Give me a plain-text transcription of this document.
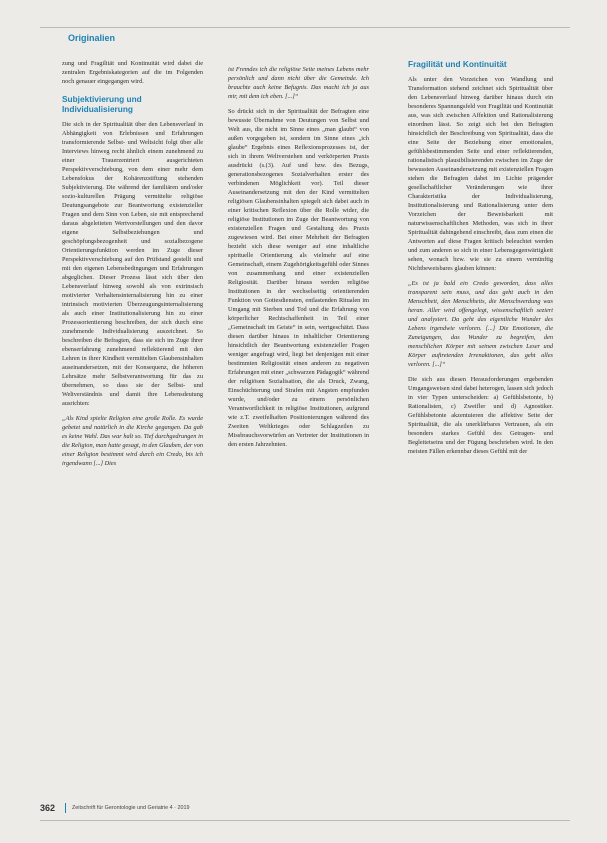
Originalien

zung und Fragilität und Kontinuität wird dabei die zentralen Ergebniskategorien auf die im Folgenden noch genauer eingegangen wird.

Subjektivierung und Individualisierung

Die sich in der Spiritualität über den Lebensverlauf in Abhängigkeit von Erlebnissen und Erfahrungen transformierende Selbst- und Weltsicht folgt über alle Interviews hinweg recht ähnlich einem zunehmend zu einer Trauerzentriert ausgerichteten Perspektivverschiebung, von dem einer mehr dem Lebensfokus der Kohärenzstiftung stehenden Subjektivierung. Die während der familiären und/oder sozio-kulturellen Prägung vermittelte religiöse Deutungsangebote zur Beantwortung existenzieller Fragen und dem Sinn von Leben, sie mit entsprechend daraus abgeleiteten Wertvorstellungen und den davor eigene Selbstbeziehungen und geschöpfungsbezogenheit und sozialbezogene Orientierungsfunktion werden im Zuge dieser Perspektivverschiebung auf den Prüfstand gestellt und mit den eigenen Lebensbedingungen und Erfahrungen abgeglichen. Dieser Prozess lässt sich über den Lebensverlauf hinweg sowohl als von extrinsisch motivierter Verhaltensinternalisierung hin zu einer intrinsisch motivierten Überzeugungsinternalisierung als auch einer Institutionalisierung hin zu einer Prozessorientierung beschreiben, der sich durch eine zunehmende Individualisierung auszeichnet. So beschreiben die Befragten, dass sie sich im Zuge ihrer ebenserfahrung zunehmend reflektierend mit den Lehren in ihrer Kindheit vermittelten Glaubensinhalten auseinandersetzen, mit der Konsequenz, die höheren Lehrsätze mehr Selbstverantwortung für das zu übernehmen, so dass sie der Selbst- und Weltverständnis und damit ihre Lebensdeutung ausrichten:

„Als Kind spielte Religion eine große Rolle. Es wurde gebetet und natürlich in die Kirche gegangen. Da gab es keine Wahl. Das war halt so. Tief durchgedrungen in die Religion, man hatte gesagt, in den Glauben, der von einer Religion bestimmt wird durch ein Credo, bis ich irgendwann [...] Dies

ist Fremdes ich die religiöse Seite meines Lebens mehr persönlich und dann nicht über die Gemeinde. Ich brauchte auch keine Befugnis. Das macht ich ja aus mir, mit dem ich eben. [...]“

So drückt sich in der Spiritualität der Befragten eine bewusste Übernahme von Deutungen von Selbst und Welt aus, die nicht im Sinne eines „man glaubt“ von außen vorgegeben ist, sondern im Sinne eines „ich glaube“ Ergebnis eines Reflexionsprozesses ist, der sich in ihrem Weltverstehen und verkörperten Praxis ausdrückt (s.(3). Auf und bzw. des Bezugs, generationsbezogenes Sozialverhalten erster des verbindenen Möglichkeit vor). Teil dieser Auseinandersetzung mit den der Kind vermittelten religiösen Glaubensinhalten spiegelt sich dabei auch in einer kritischen Reflexion über die Rolle wider, die religiöse Institutionen im Zuge der Beantwortung von existenziellen Fragen und Gestaltung des Praxis zugewiesen wird. Bei einer Mehrheit der Befragten bezieht sich diese weniger auf eine inhaltliche spirituelle Orientierung als vielmehr auf eine Gemeinschaft, einem Zugehörigkeitsgefühl oder Sinnes von zusammenhang und einer existenziellen Religiosität. Darüber hinaus werden religiöse Institutionen in der wechselseitig orientierenden Funktion von Gottesdiensten, entlastenden Ritualen im Umgang mit Sterben und Tod und die Erfahrung von körperlicher Rechtschaffenheit in Teil einer „Gemeinschaft im Geiste“ in sein, wertgeschätzt. Dass diesen darüber hinaus in inhaltlicher Orientierung hinsichtlich der Beantwortung existenzieller Fragen weniger angefragt wird, liegt bei denjenigen mit einer bestimmten Religiosität einen anderen zu negativen Erfahrungen mit einer „schwarzen Pädagogik“ während der religiösen Sozialisation, die als Druck, Zwang, Einschüchterung und Strafen mit Angsten empfunden wurde, und/oder zu einem persönlichen Verantwortlichkeit in religiöse Institutionen, aufgrund wie z.T. zweifelhaften Positionierungen während des Zweiten Weltkrieges oder Schlagzeilen zu Missbrauchsvorwürfen an Vertreter der Institutionen in den ersten Jahrzehnten.

Fragilität und Kontinuität

Als unter den Vorzeichen von Wandlung und Transformation stehend zeichnet sich Spiritualität über den Lebensverlauf hinweg darüber hinaus durch ein besonderes Spannungsfeld von Fragilität und Kontinuität aus, was sich zwischen Affektion und Rationalisierung einordnen lässt. So zeigt sich bei den Befragten hinsichtlich der Beschreibung von Spiritualität, dass die eine Seite der Beziehung einer emotionalen, gefühlsbestimmenden Seite und einer reflektierenden, rationalistisch plausibilisierenden zwischen im Zuge der bewussten Auseinandersetzung mit existenziellen Fragen stehen die Befragten dabei im Lichte prägender gesellschaftlicher Veränderungen wie ihrer Charakteristika der Individualisierung, Institutionalisierung und Rationalisierung unter dem Vorzeichen der Beweisbarkeit mit naturwissenschaftlichen Methoden, was sich in ihrer Spiritualität dahingehend einschreibt, dass zum einen die Antworten auf diese Fragen kritisch beleuchtet werden und zum anderen so sich in einer Lebensgegenwärtigkeit sehen, wonach bzw. wie sie zu einem vernünftig Nichtbeweisbares glauben können:

„Es ist ja bald ein Credo geworden, dass alles transparent sein muss, und das geht auch in den Menschheit, den Menschheits, die Menschwerdung was heran. Aller wird offengelegt, wissenschaftlich seziert und analysiert. Da geht das eigentliche Wunder des Lebens irgendwie verloren. [...] Die Emotionen, die Zuneigungen, das Wunder zu begreifen, den menschlichen Körper mit seinem zwischen Leser und Körper auftretenden Irrenaktionen, das geht alles verloren. [...]“

Die sich aus diesen Herausforderungen ergebenden Umgangsweisen sind dabei heterogen, lassen sich jedoch in vier Typen unterscheiden: a) Gefühlsbetonte, b) Rationalisten, c) Zweifler und d) Agnostiker. Gefühlsbetonte akzentuieren die affektive Seite der Spiritualität, die als unerklärbares Vertrauen, als ein besonders starkes Gefühl des Getragen- und Begleitetseins und der Fügung beschrieben wird. In den meisten Fällen erkennbar dieses Gefühl mit der

362	Zeitschrift für Gerontologie und Geriatrie 4 · 2019
